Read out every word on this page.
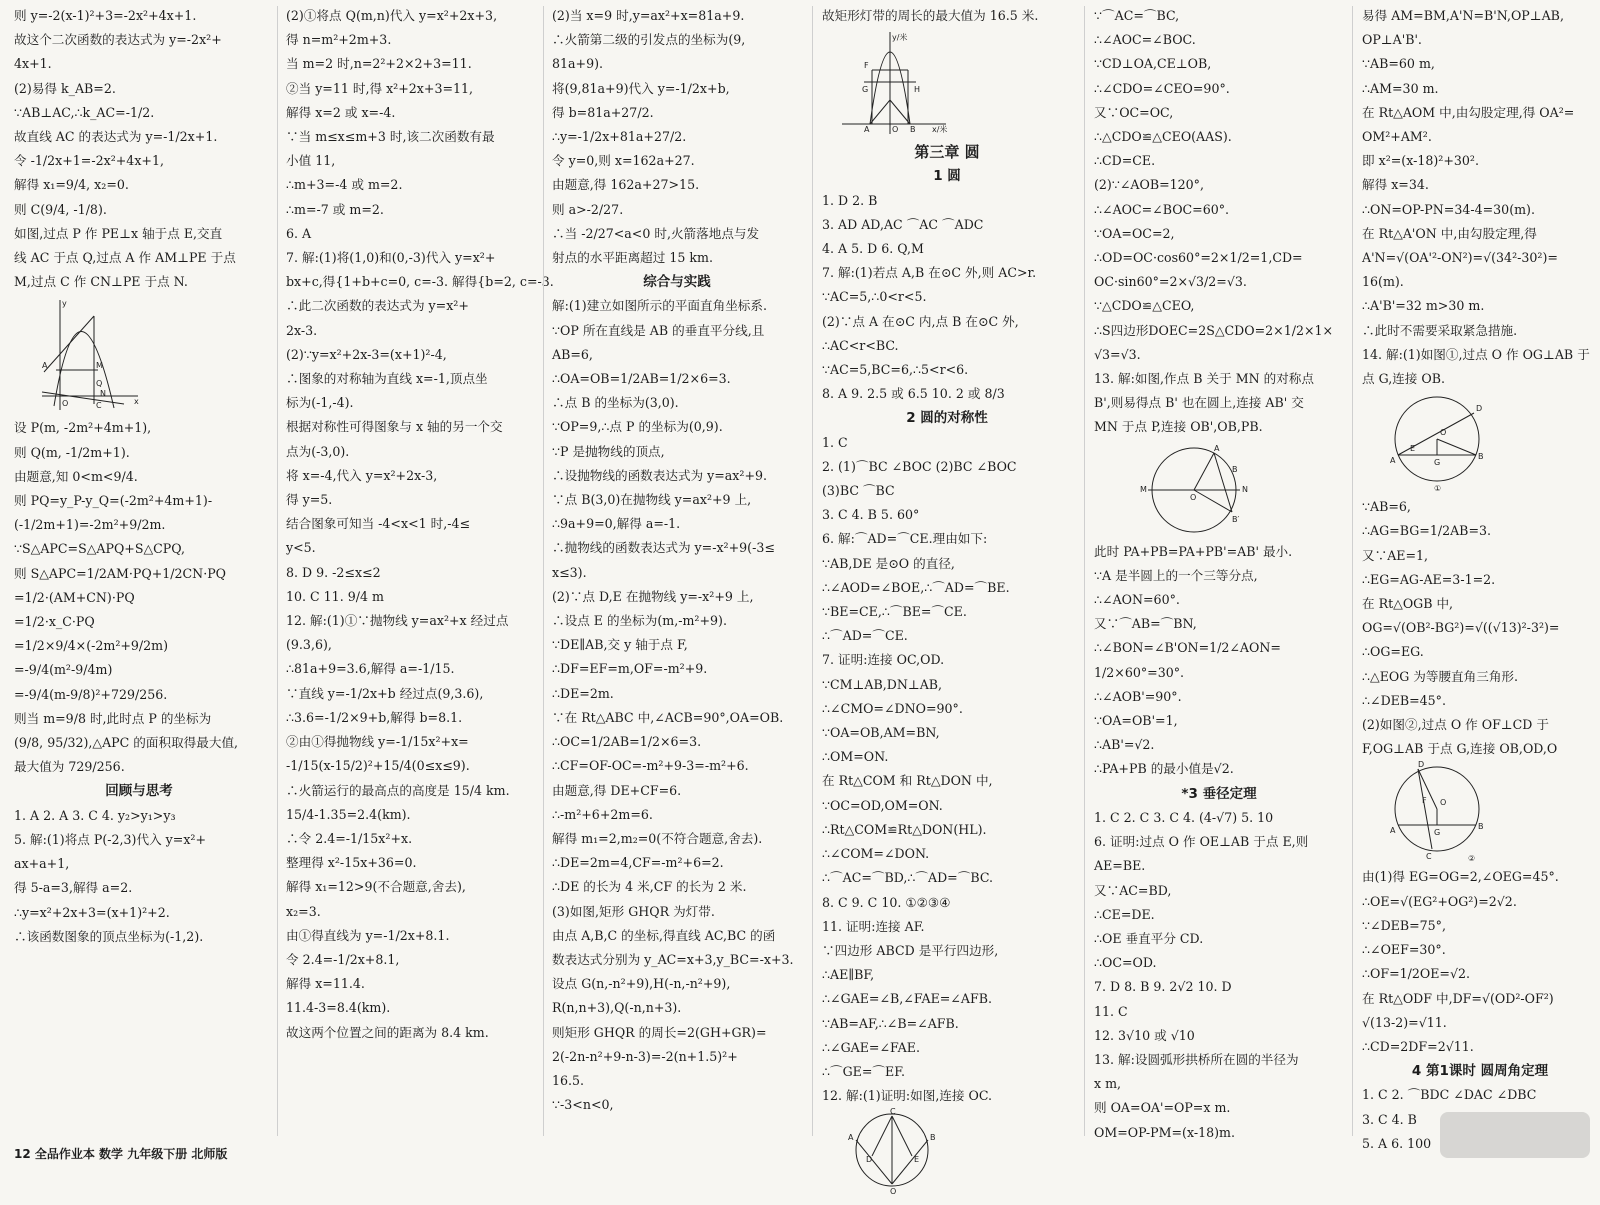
则 y=-2(x-1)²+3=-2x²+4x+1.
故这个二次函数的表达式为 y=-2x²+
4x+1.
(2)易得 k_AB=2.
∵AB⊥AC,∴k_AC=-1/2.
故直线 AC 的表达式为 y=-1/2x+1.
令 -1/2x+1=-2x²+4x+1,
解得 x₁=9/4, x₂=0.
则 C(9/4, -1/8).
如图,过点 P 作 PE⊥x 轴于点 E,交直
线 AC 于点 Q,过点 A 作 AM⊥PE 于点
M,过点 C 作 CN⊥PE 于点 N.
A	M
Q
N
C
O	x
y
设 P(m, -2m²+4m+1),
则 Q(m, -1/2m+1).
由题意,知 0<m<9/4.
则 PQ=y_P-y_Q=(-2m²+4m+1)-
(-1/2m+1)=-2m²+9/2m.
∵S△APC=S△APQ+S△CPQ,
则 S△APC=1/2AM·PQ+1/2CN·PQ
=1/2·(AM+CN)·PQ
=1/2·x_C·PQ
=1/2×9/4×(-2m²+9/2m)
=-9/4(m²-9/4m)
=-9/4(m-9/8)²+729/256.
则当 m=9/8 时,此时点 P 的坐标为
(9/8, 95/32),△APC 的面积取得最大值,
最大值为 729/256.
回顾与思考
1. A 2. A 3. C 4. y₂>y₁>y₃
5. 解:(1)将点 P(-2,3)代入 y=x²+
ax+a+1,
得 5-a=3,解得 a=2.
∴y=x²+2x+3=(x+1)²+2.
∴该函数图象的顶点坐标为(-1,2).
(2)①将点 Q(m,n)代入 y=x²+2x+3,
得 n=m²+2m+3.
当 m=2 时,n=2²+2×2+3=11.
②当 y=11 时,得 x²+2x+3=11,
解得 x=2 或 x=-4.
∵当 m≤x≤m+3 时,该二次函数有最
小值 11,
∴m+3=-4 或 m=2.
∴m=-7 或 m=2.
6. A
7. 解:(1)将(1,0)和(0,-3)代入 y=x²+
bx+c,得{1+b+c=0, c=-3. 解得{b=2, c=-3.
∴此二次函数的表达式为 y=x²+
2x-3.
(2)∵y=x²+2x-3=(x+1)²-4,
∴图象的对称轴为直线 x=-1,顶点坐
标为(-1,-4).
根据对称性可得图象与 x 轴的另一个交
点为(-3,0).
将 x=-4,代入 y=x²+2x-3,
得 y=5.
结合图象可知当 -4<x<1 时,-4≤
y<5.
8. D 9. -2≤x≤2
10. C 11. 9/4 m
12. 解:(1)①∵抛物线 y=ax²+x 经过点
(9.3,6),
∴81a+9=3.6,解得 a=-1/15.
∵直线 y=-1/2x+b 经过点(9,3.6),
∴3.6=-1/2×9+b,解得 b=8.1.
②由①得抛物线 y=-1/15x²+x=
-1/15(x-15/2)²+15/4(0≤x≤9).
∴火箭运行的最高点的高度是 15/4 km.
15/4-1.35=2.4(km).
∴令 2.4=-1/15x²+x.
整理得 x²-15x+36=0.
解得 x₁=12>9(不合题意,舍去),
x₂=3.
由①得直线为 y=-1/2x+8.1.
令 2.4=-1/2x+8.1,
解得 x=11.4.
11.4-3=8.4(km).
故这两个位置之间的距离为 8.4 km.
(2)当 x=9 时,y=ax²+x=81a+9.
∴火箭第二级的引发点的坐标为(9,
81a+9).
将(9,81a+9)代入 y=-1/2x+b,
得 b=81a+27/2.
∴y=-1/2x+81a+27/2.
令 y=0,则 x=162a+27.
由题意,得 162a+27>15.
则 a>-2/27.
∴当 -2/27<a<0 时,火箭落地点与发
射点的水平距离超过 15 km.
综合与实践
解:(1)建立如图所示的平面直角坐标系.
∵OP 所在直线是 AB 的垂直平分线,且
AB=6,
∴OA=OB=1/2AB=1/2×6=3.
∴点 B 的坐标为(3,0).
∵OP=9,∴点 P 的坐标为(0,9).
∵P 是抛物线的顶点,
∴设抛物线的函数表达式为 y=ax²+9.
∵点 B(3,0)在抛物线 y=ax²+9 上,
∴9a+9=0,解得 a=-1.
∴抛物线的函数表达式为 y=-x²+9(-3≤
x≤3).
(2)∵点 D,E 在抛物线 y=-x²+9 上,
∴设点 E 的坐标为(m,-m²+9).
∵DE∥AB,交 y 轴于点 F,
∴DF=EF=m,OF=-m²+9.
∴DE=2m.
∵在 Rt△ABC 中,∠ACB=90°,OA=OB.
∴OC=1/2AB=1/2×6=3.
∴CF=OF-OC=-m²+9-3=-m²+6.
由题意,得 DE+CF=6.
∴-m²+6+2m=6.
解得 m₁=2,m₂=0(不符合题意,舍去).
∴DE=2m=4,CF=-m²+6=2.
∴DE 的长为 4 米,CF 的长为 2 米.
(3)如图,矩形 GHQR 为灯带.
由点 A,B,C 的坐标,得直线 AC,BC 的函
数表达式分别为 y_AC=x+3,y_BC=-x+3.
设点 G(n,-n²+9),H(-n,-n²+9),
R(n,n+3),Q(-n,n+3).
则矩形 GHQR 的周长=2(GH+GR)=
2(-2n-n²+9-n-3)=-2(n+1.5)²+
16.5.
∵-3<n<0,
故矩形灯带的周长的最大值为 16.5 米.
y/米
F
G	H
O
A	B x/米
第三章 圆
1 圆
1. D 2. B
3. AD AD,AC ⌒AC ⌒ADC
4. A 5. D 6. Q,M
7. 解:(1)若点 A,B 在⊙C 外,则 AC>r.
∵AC=5,∴0<r<5.
(2)∵点 A 在⊙C 内,点 B 在⊙C 外,
∴AC<r<BC.
∵AC=5,BC=6,∴5<r<6.
8. A 9. 2.5 或 6.5 10. 2 或 8/3
2 圆的对称性
1. C
2. (1)⌒BC ∠BOC (2)BC ∠BOC
(3)BC ⌒BC
3. C 4. B 5. 60°
6. 解:⌒AD=⌒CE.理由如下:
∵AB,DE 是⊙O 的直径,
∴∠AOD=∠BOE,∴⌒AD=⌒BE.
∵BE=CE,∴⌒BE=⌒CE.
∴⌒AD=⌒CE.
7. 证明:连接 OC,OD.
∵CM⊥AB,DN⊥AB,
∴∠CMO=∠DNO=90°.
∵OA=OB,AM=BN,
∴OM=ON.
在 Rt△COM 和 Rt△DON 中,
∵OC=OD,OM=ON.
∴Rt△COM≌Rt△DON(HL).
∴∠COM=∠DON.
∴⌒AC=⌒BD,∴⌒AD=⌒BC.
8. C 9. C 10. ①②③④
11. 证明:连接 AF.
∵四边形 ABCD 是平行四边形,
∴AE∥BF,
∴∠GAE=∠B,∠FAE=∠AFB.
∵AB=AF,∴∠B=∠AFB.
∴∠GAE=∠FAE.
∴⌒GE=⌒EF.
12. 解:(1)证明:如图,连接 OC.
A	B
C
O
D	E
∵⌒AC=⌒BC,
∴∠AOC=∠BOC.
∵CD⊥OA,CE⊥OB,
∴∠CDO=∠CEO=90°.
又∵OC=OC,
∴△CDO≌△CEO(AAS).
∴CD=CE.
(2)∵∠AOB=120°,
∴∠AOC=∠BOC=60°.
∵OA=OC=2,
∴OD=OC·cos60°=2×1/2=1,CD=
OC·sin60°=2×√3/2=√3.
∵△CDO≌△CEO,
∴S四边形DOEC=2S△CDO=2×1/2×1×
√3=√3.
13. 解:如图,作点 B 关于 MN 的对称点
B',则易得点 B' 也在圆上,连接 AB' 交
MN 于点 P,连接 OB',OB,PB.
M	N
A
B
B′
O
此时 PA+PB=PA+PB'=AB' 最小.
∵A 是半圆上的一个三等分点,
∴∠AON=60°.
又∵⌒AB=⌒BN,
∴∠BON=∠B'ON=1/2∠AON=
1/2×60°=30°.
∴∠AOB'=90°.
∵OA=OB'=1,
∴AB'=√2.
∴PA+PB 的最小值是√2.
*3 垂径定理
1. C 2. C 3. C 4. (4-√7) 5. 10
6. 证明:过点 O 作 OE⊥AB 于点 E,则
AE=BE.
又∵AC=BD,
∴CE=DE.
∴OE 垂直平分 CD.
∴OC=OD.
7. D 8. B 9. 2√2 10. D
11. C
12. 3√10 或 √10
13. 解:设圆弧形拱桥所在圆的半径为
x m,
则 OA=OA'=OP=x m.
OM=OP-PM=(x-18)m.
易得 AM=BM,A'N=B'N,OP⊥AB,
OP⊥A'B'.
∵AB=60 m,
∴AM=30 m.
在 Rt△AOM 中,由勾股定理,得 OA²=
OM²+AM².
即 x²=(x-18)²+30².
解得 x=34.
∴ON=OP-PN=34-4=30(m).
在 Rt△A'ON 中,由勾股定理,得
A'N=√(OA'²-ON²)=√(34²-30²)=
16(m).
∴A'B'=32 m>30 m.
∴此时不需要采取紧急措施.
14. 解:(1)如图①,过点 O 作 OG⊥AB 于
点 G,连接 OB.
A	B
D
E
G
O
①
∵AB=6,
∴AG=BG=1/2AB=3.
又∵AE=1,
∴EG=AG-AE=3-1=2.
在 Rt△OGB 中,
OG=√(OB²-BG²)=√((√13)²-3²)=
∴OG=EG.
∴△EOG 为等腰直角三角形.
∴∠DEB=45°.
(2)如图②,过点 O 作 OF⊥CD 于
F,OG⊥AB 于点 G,连接 OB,OD,O
D
A	B
C
F O
G
②
由(1)得 EG=OG=2,∠OEG=45°.
∴OE=√(EG²+OG²)=2√2.
∵∠DEB=75°,
∴∠OEF=30°.
∴OF=1/2OE=√2.
在 Rt△ODF 中,DF=√(OD²-OF²)
√(13-2)=√11.
∴CD=2DF=2√11.
4 第1课时 圆周角定理
1. C 2. ⌒BDC ∠DAC ∠DBC
3. C 4. B
5. A 6. 100
12 全品作业本 数学 九年级下册 北师版
